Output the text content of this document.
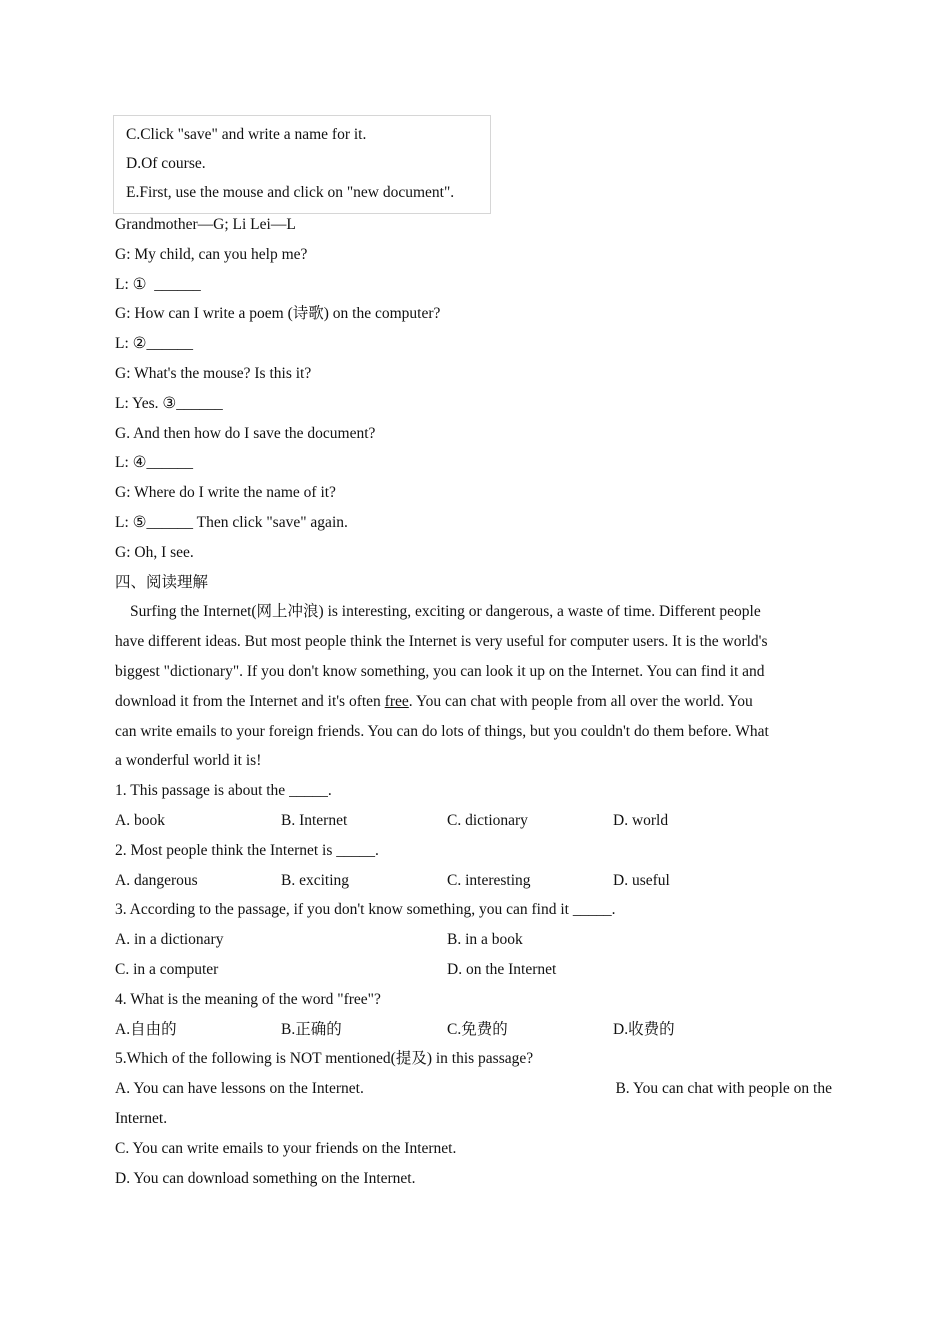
C.Click "save" and write a name for it.
D.Of course.
E.First, use the mouse and click on "new document".
Grandmother—G; Li Lei—L
G: My child, can you help me?
L: ①  ______
G: How can I write a poem (诗歌) on the computer?
L: ②______
G: What's the mouse? Is this it?
L: Yes. ③______
G. And then how do I save the document?
L: ④______
G: Where do I write the name of it?
L: ⑤______ Then click "save" again.
G: Oh, I see.
四、阅读理解
Surfing the Internet(网上冲浪) is interesting, exciting or dangerous, a waste of time. Different people
have different ideas. But most people think the Internet is very useful for computer users. It is the world's
biggest "dictionary". If you don't know something, you can look it up on the Internet. You can find it and
download it from the Internet and it's often free. You can chat with people from all over the world. You
can write emails to your foreign friends. You can do lots of things, but you couldn't do them before. What
a wonderful world it is!
1. This passage is about the _____.
A. book	B. Internet	C. dictionary	D. world
2. Most people think the Internet is _____.
A. dangerous	B. exciting	C. interesting	D. useful
3. According to the passage, if you don't know something, you can find it _____.
A. in a dictionary	B. in a book
C. in a computer	D. on the Internet
4. What is the meaning of the word "free"?
A.自由的	B.正确的	C.免费的	D.收费的
5.Which of the following is NOT mentioned(提及) in this passage?
A. You can have lessons on the Internet.	B. You can chat with people on the
Internet.
C. You can write emails to your friends on the Internet.
D. You can download something on the Internet.
